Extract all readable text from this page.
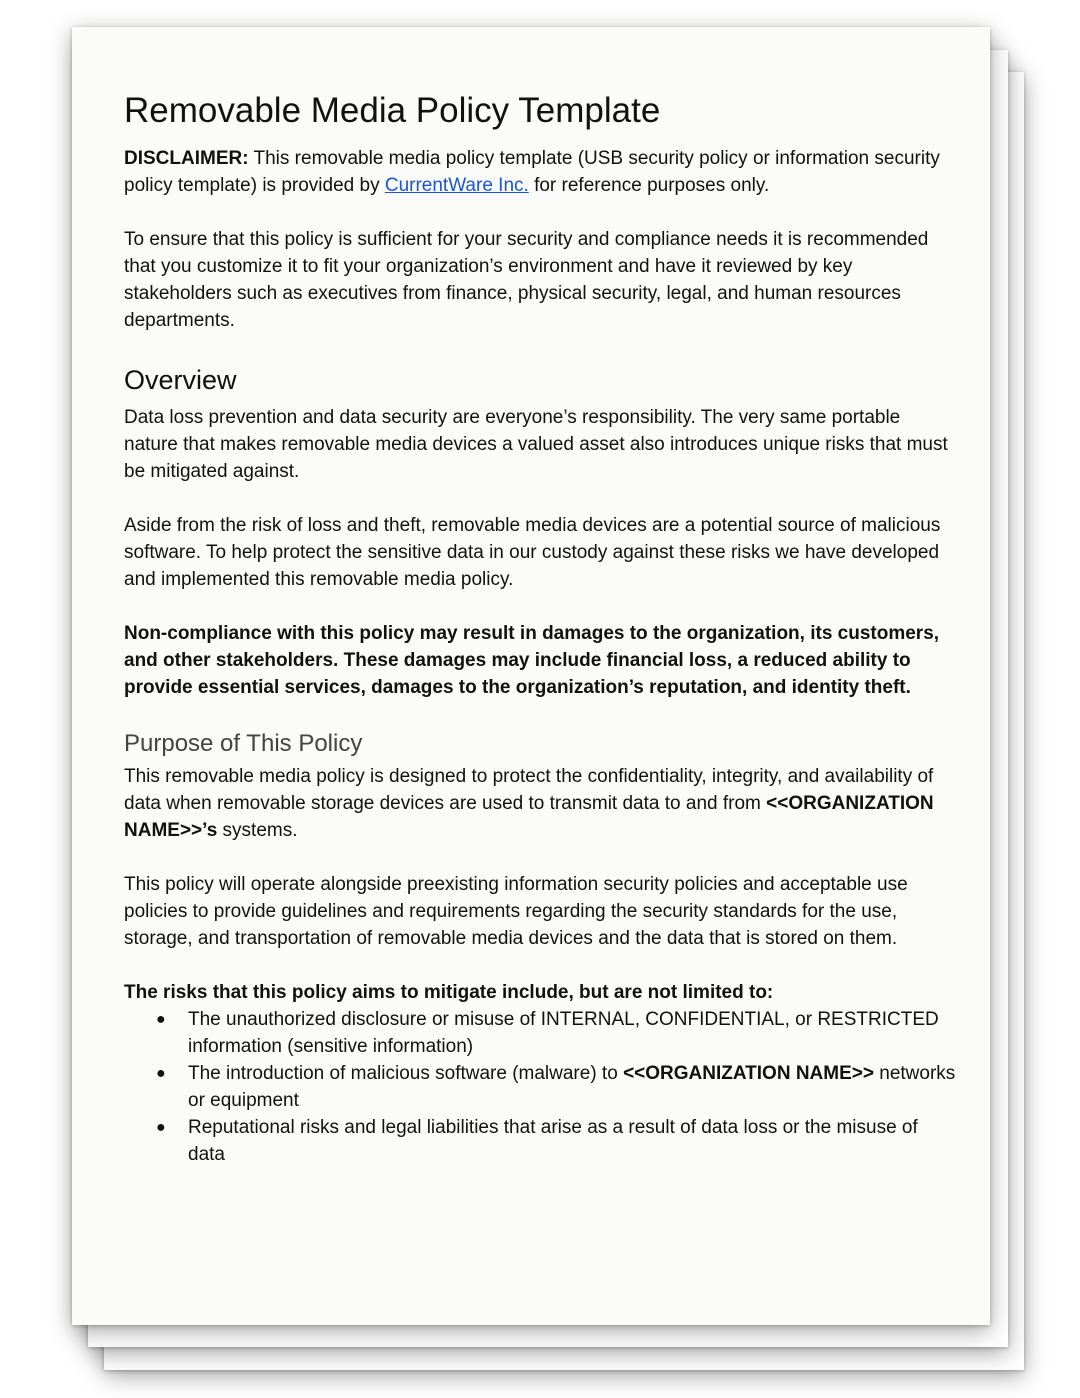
Removable Media Policy Template

DISCLAIMER: This removable media policy template (USB security policy or information security policy template) is provided by CurrentWare Inc. for reference purposes only.

To ensure that this policy is sufficient for your security and compliance needs it is recommended that you customize it to fit your organization’s environment and have it reviewed by key stakeholders such as executives from finance, physical security, legal, and human resources departments.

Overview

Data loss prevention and data security are everyone’s responsibility. The very same portable nature that makes removable media devices a valued asset also introduces unique risks that must be mitigated against.

Aside from the risk of loss and theft, removable media devices are a potential source of malicious software. To help protect the sensitive data in our custody against these risks we have developed and implemented this removable media policy.

Non-compliance with this policy may result in damages to the organization, its customers, and other stakeholders. These damages may include financial loss, a reduced ability to provide essential services, damages to the organization’s reputation, and identity theft.

Purpose of This Policy

This removable media policy is designed to protect the confidentiality, integrity, and availability of data when removable storage devices are used to transmit data to and from <<ORGANIZATION NAME>>’s systems.

This policy will operate alongside preexisting information security policies and acceptable use policies to provide guidelines and requirements regarding the security standards for the use, storage, and transportation of removable media devices and the data that is stored on them.

The risks that this policy aims to mitigate include, but are not limited to:

● The unauthorized disclosure or misuse of INTERNAL, CONFIDENTIAL, or RESTRICTED information (sensitive information)
● The introduction of malicious software (malware) to <<ORGANIZATION NAME>> networks or equipment
● Reputational risks and legal liabilities that arise as a result of data loss or the misuse of data
